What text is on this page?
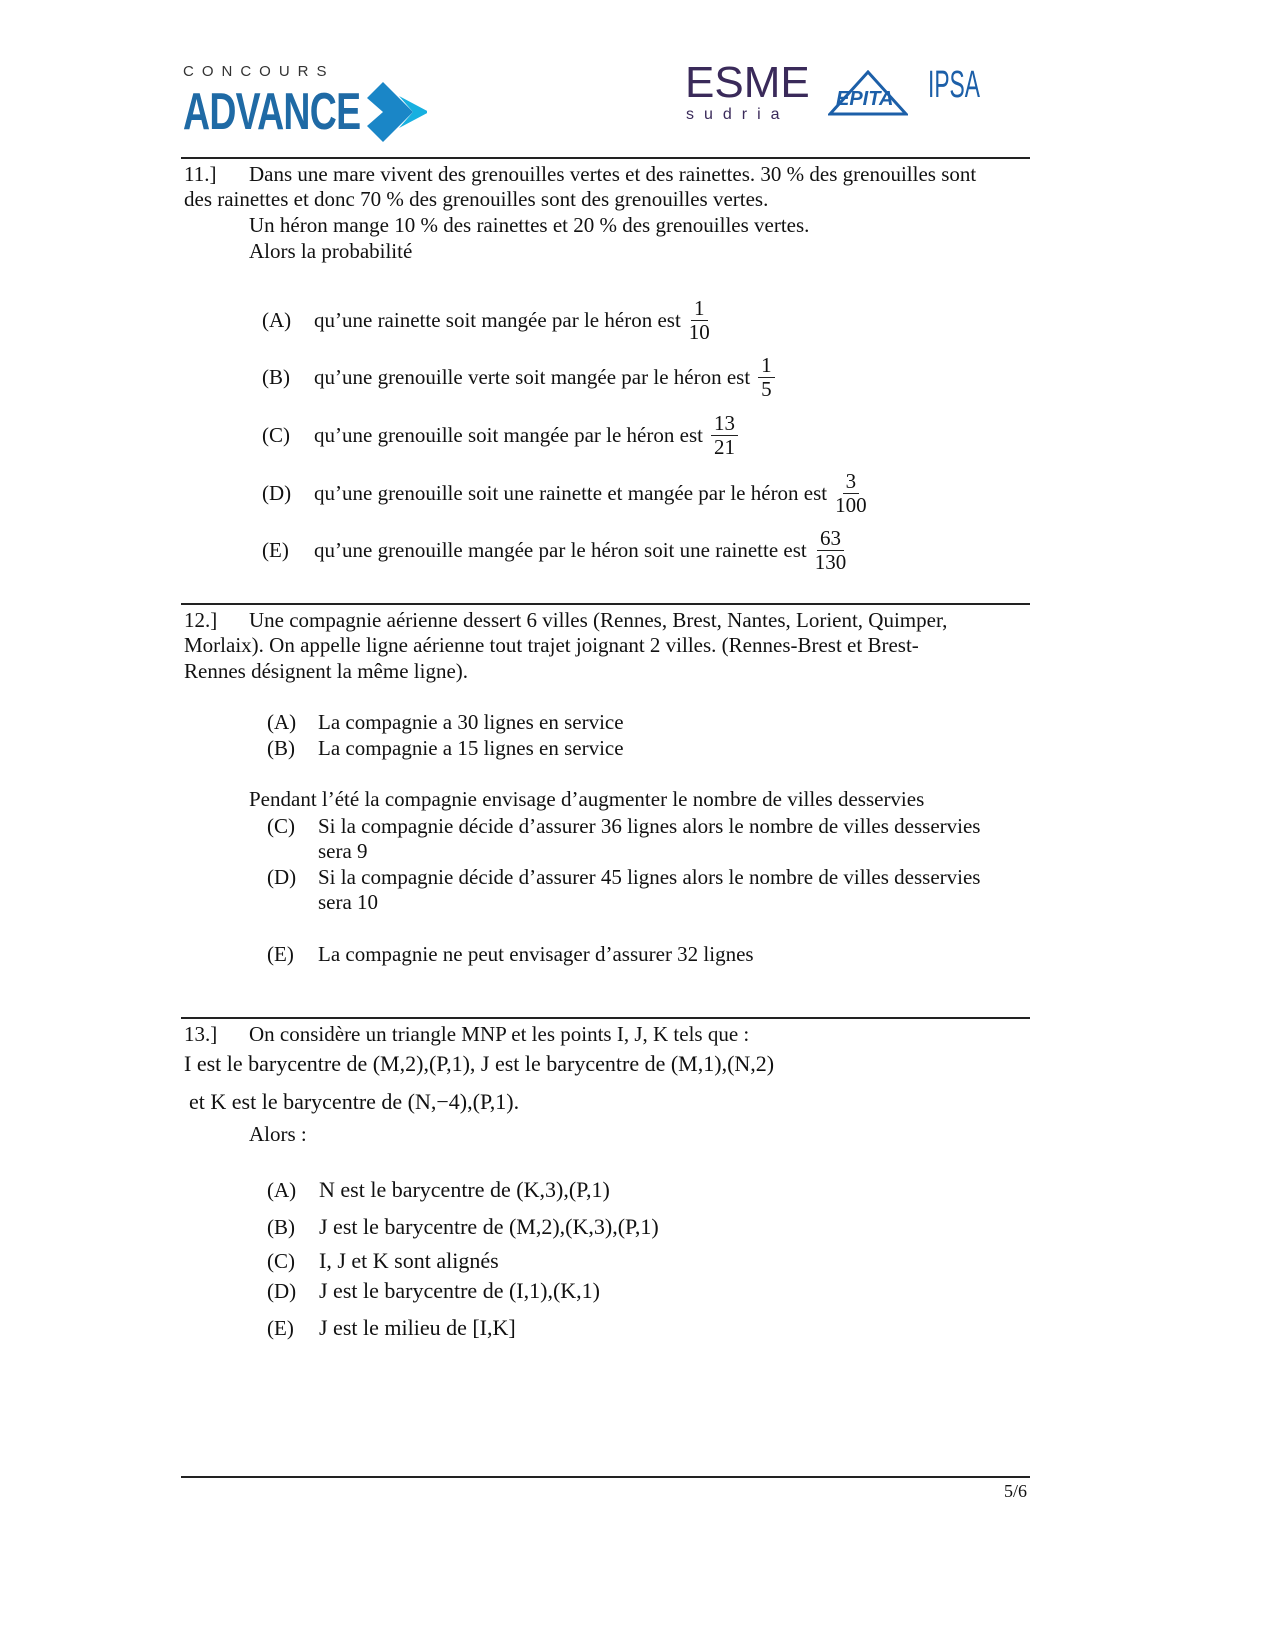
CONCOURS
ADVANCE
ESME
sudria
EPITA IPSA
11.] Dans une mare vivent des grenouilles vertes et des rainettes. 30 % des grenouilles sont
des rainettes et donc 70 % des grenouilles sont des grenouilles vertes.
Un héron mange 10 % des rainettes et 20 % des grenouilles vertes.
Alors la probabilité
(A)	qu’une rainette soit mangée par le héron est $\frac{1}{10}$
(B)	qu’une grenouille verte soit mangée par le héron est $\frac{1}{5}$
(C)	qu’une grenouille soit mangée par le héron est $\frac{13}{21}$
(D)	qu’une grenouille soit une rainette et mangée par le héron est $\frac{3}{100}$
(E)	qu’une grenouille mangée par le héron soit une rainette est $\frac{63}{130}$
12.] Une compagnie aérienne dessert 6 villes (Rennes, Brest, Nantes, Lorient, Quimper,
Morlaix). On appelle ligne aérienne tout trajet joignant 2 villes. (Rennes-Brest et Brest-
Rennes désignent la même ligne).
(A) La compagnie a 30 lignes en service
(B) La compagnie a 15 lignes en service
Pendant l’été la compagnie envisage d’augmenter le nombre de villes desservies
(C) Si la compagnie décide d’assurer 36 lignes alors le nombre de villes desservies
sera 9
(D) Si la compagnie décide d’assurer 45 lignes alors le nombre de villes desservies
sera 10
(E) La compagnie ne peut envisager d’assurer 32 lignes
13.] On considère un triangle MNP et les points I, J, K tels que :
I est le barycentre de (M,2),(P,1), J est le barycentre de (M,1),(N,2)
et K est le barycentre de (N,−4),(P,1).
Alors :
(A)	N est le barycentre de (K,3),(P,1)
(B)	J est le barycentre de (M,2),(K,3),(P,1)
(C)	I, J et K sont alignés
(D)	J est le barycentre de (I,1),(K,1)
(E)	J est le milieu de [I,K]
5/6
